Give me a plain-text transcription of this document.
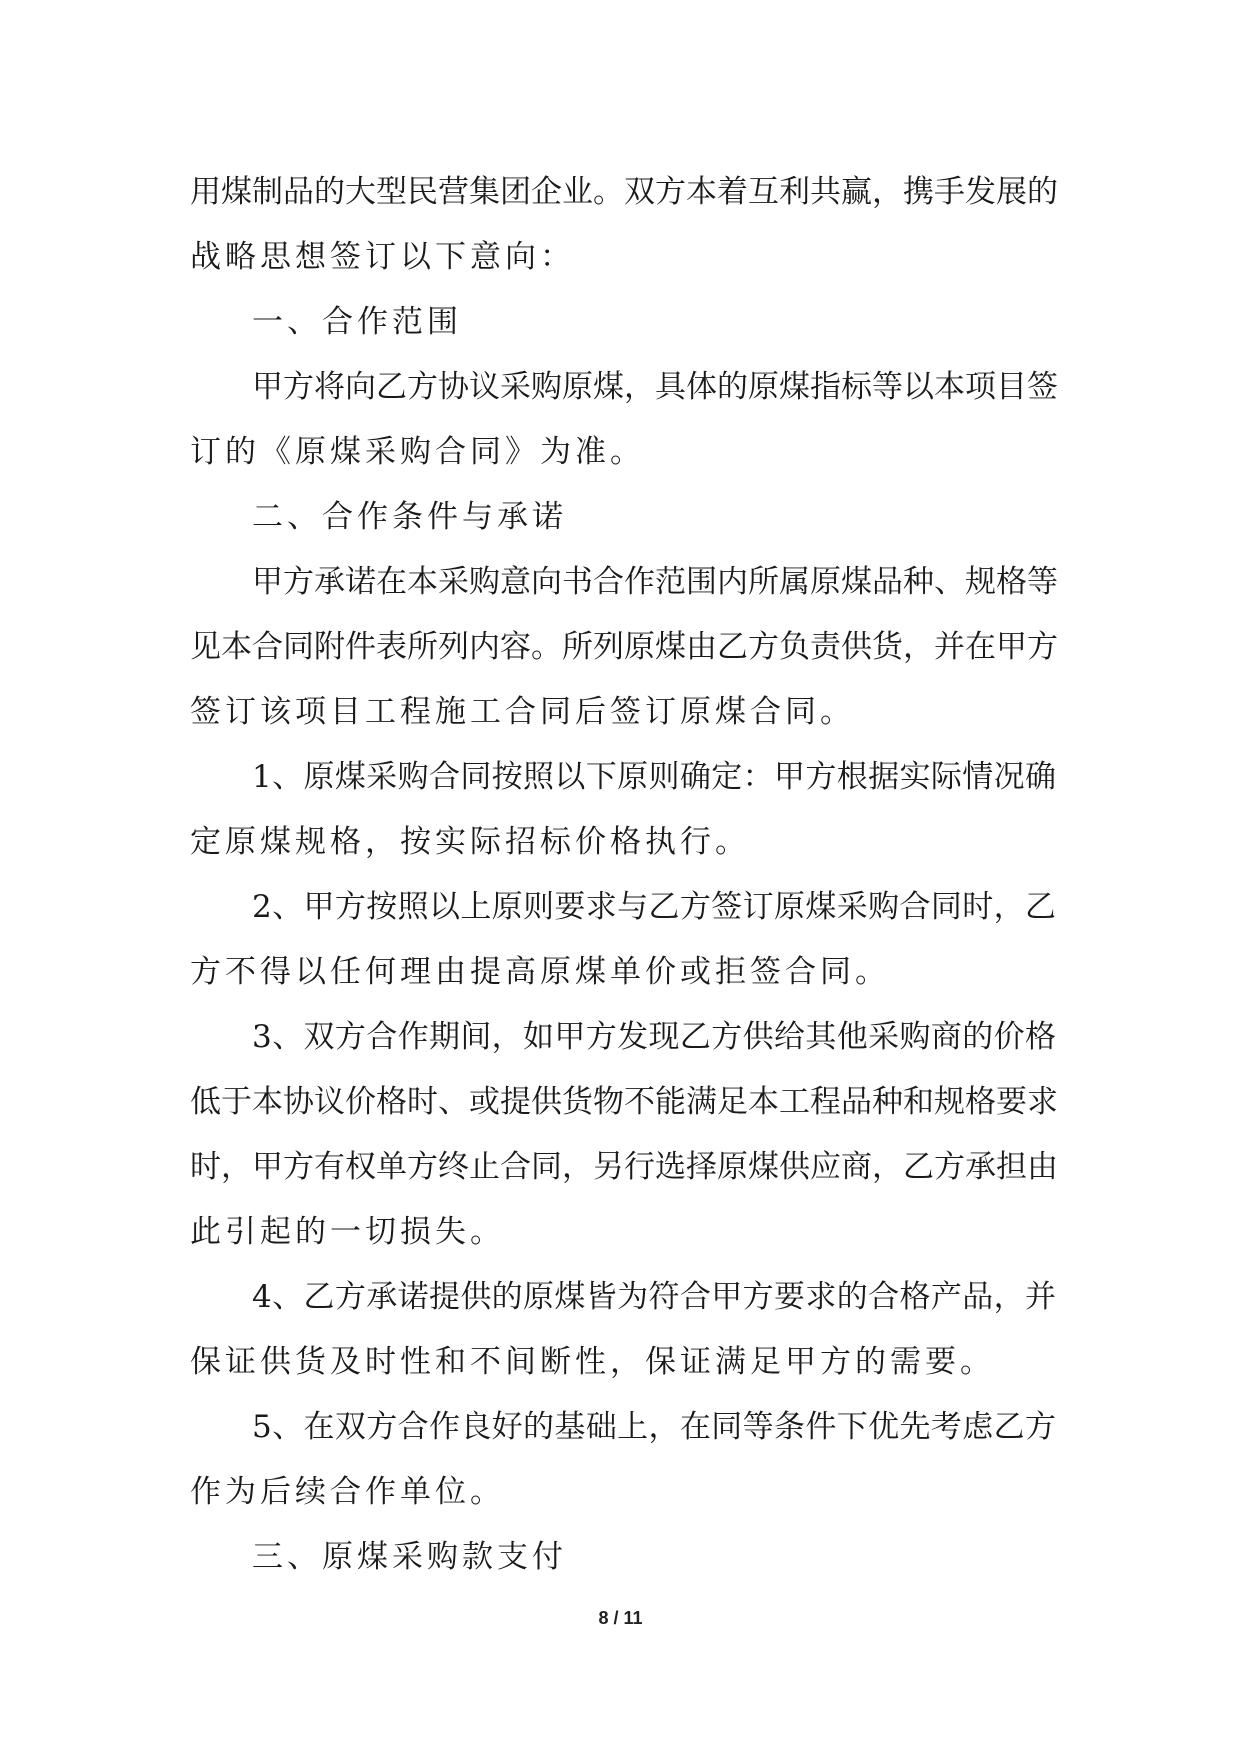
用煤制品的大型民营集团企业。双方本着互利共赢，携手发展的
战略思想签订以下意向：
一、合作范围
甲方将向乙方协议采购原煤，具体的原煤指标等以本项目签
订的《原煤采购合同》为准。
二、合作条件与承诺
甲方承诺在本采购意向书合作范围内所属原煤品种、规格等
见本合同附件表所列内容。所列原煤由乙方负责供货，并在甲方
签订该项目工程施工合同后签订原煤合同。
1、原煤采购合同按照以下原则确定：甲方根据实际情况确
定原煤规格，按实际招标价格执行。
2、甲方按照以上原则要求与乙方签订原煤采购合同时，乙
方不得以任何理由提高原煤单价或拒签合同。
3、双方合作期间，如甲方发现乙方供给其他采购商的价格
低于本协议价格时、或提供货物不能满足本工程品种和规格要求
时，甲方有权单方终止合同，另行选择原煤供应商，乙方承担由
此引起的一切损失。
4、乙方承诺提供的原煤皆为符合甲方要求的合格产品，并
保证供货及时性和不间断性，保证满足甲方的需要。
5、在双方合作良好的基础上，在同等条件下优先考虑乙方
作为后续合作单位。
三、原煤采购款支付
8 / 11
